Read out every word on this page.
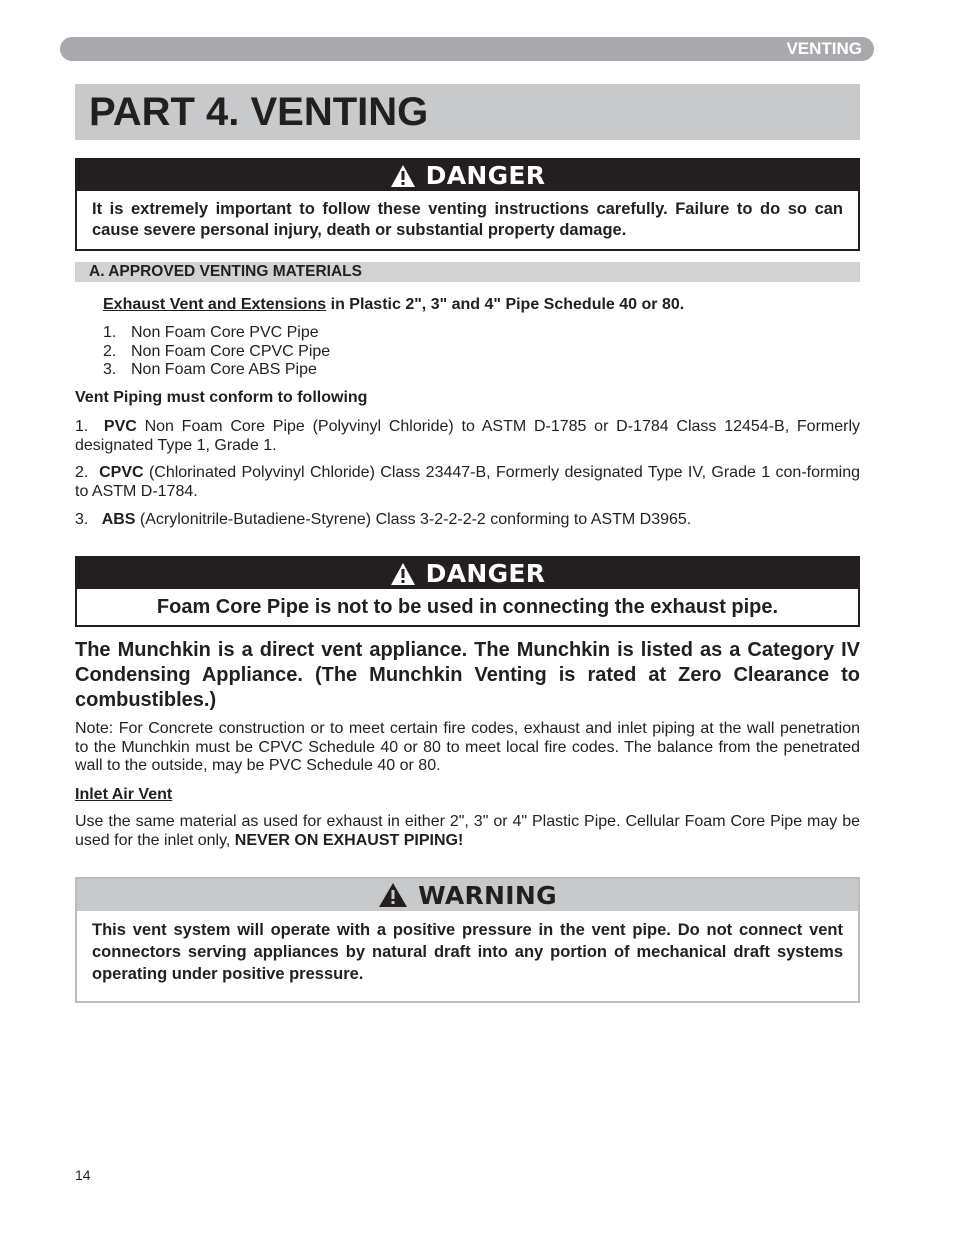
VENTING
PART 4. VENTING
DANGER
It is extremely important to follow these venting instructions carefully. Failure to do so can cause severe personal injury, death or substantial property damage.
A. APPROVED VENTING MATERIALS
Exhaust Vent and Extensions in Plastic 2", 3" and 4" Pipe Schedule 40 or 80.
1. Non Foam Core PVC Pipe
2. Non Foam Core CPVC Pipe
3. Non Foam Core ABS Pipe
Vent Piping must conform to following
1. PVC Non Foam Core Pipe (Polyvinyl Chloride) to ASTM D-1785 or D-1784 Class 12454-B, Formerly designated Type 1, Grade 1.
2. CPVC (Chlorinated Polyvinyl Chloride) Class 23447-B, Formerly designated Type IV, Grade 1 con-forming to ASTM D-1784.
3. ABS (Acrylonitrile-Butadiene-Styrene) Class 3-2-2-2-2 conforming to ASTM D3965.
DANGER
Foam Core Pipe is not to be used in connecting the exhaust pipe.
The Munchkin is a direct vent appliance. The Munchkin is listed as a Category IV Condensing Appliance. (The Munchkin Venting is rated at Zero Clearance to combustibles.)
Note: For Concrete construction or to meet certain fire codes, exhaust and inlet piping at the wall penetration to the Munchkin must be CPVC Schedule 40 or 80 to meet local fire codes. The balance from the penetrated wall to the outside, may be PVC Schedule 40 or 80.
Inlet Air Vent
Use the same material as used for exhaust in either 2", 3" or 4" Plastic Pipe. Cellular Foam Core Pipe may be used for the inlet only, NEVER ON EXHAUST PIPING!
WARNING
This vent system will operate with a positive pressure in the vent pipe. Do not connect vent connectors serving appliances by natural draft into any portion of mechanical draft systems operating under positive pressure.
14
